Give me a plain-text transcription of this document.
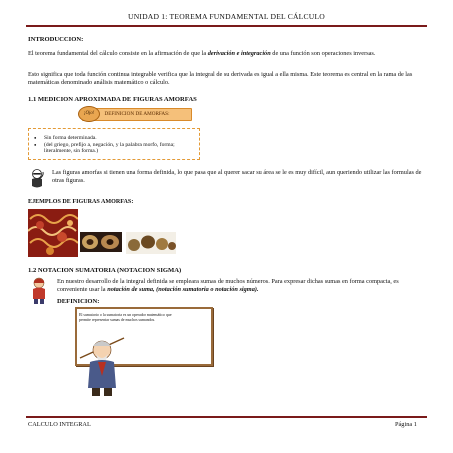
UNIDAD 1: TEOREMA FUNDAMENTAL DEL CÁLCULO
INTRODUCCION:
El teorema fundamental del cálculo consiste en la afirmación de que la derivación e integración de una función son operaciones inversas.
Esto significa que toda función continua integrable verifica que la integral de su derivada es igual a ella misma. Este teorema es central en la rama de las matemáticas denominado análisis matemático o cálculo.
1.1 MEDICION APROXIMADA DE FIGURAS AMORFAS
DEFINICION DE AMORFAS:
¡Ojo!
● Sin forma determinada.
● (del griego, prefijo a, negación, y la palabra morfo, forma; literalmente, sin forma.)
Las figuras amorfas si tienen una forma definida, lo que pasa que al querer sacar su área se le es muy difícil, aun queriendo utilizar las formulas de otras figuras.
EJEMPLOS DE FIGURAS AMORFAS:
1.2 NOTACION SUMATORIA (NOTACION SIGMA)
En nuestro desarrollo de la integral definida se empleara sumas de muchos números. Para expresar dichas sumas en forma compacta, es conveniente usar la notación de suma, (notación sumatoria o notación sigma).
DEFINICION:
El sumatorio o la sumatoria es un operador matemático que permite representar sumas de muchos sumandos.
CALCULO INTEGRAL	Página 1
